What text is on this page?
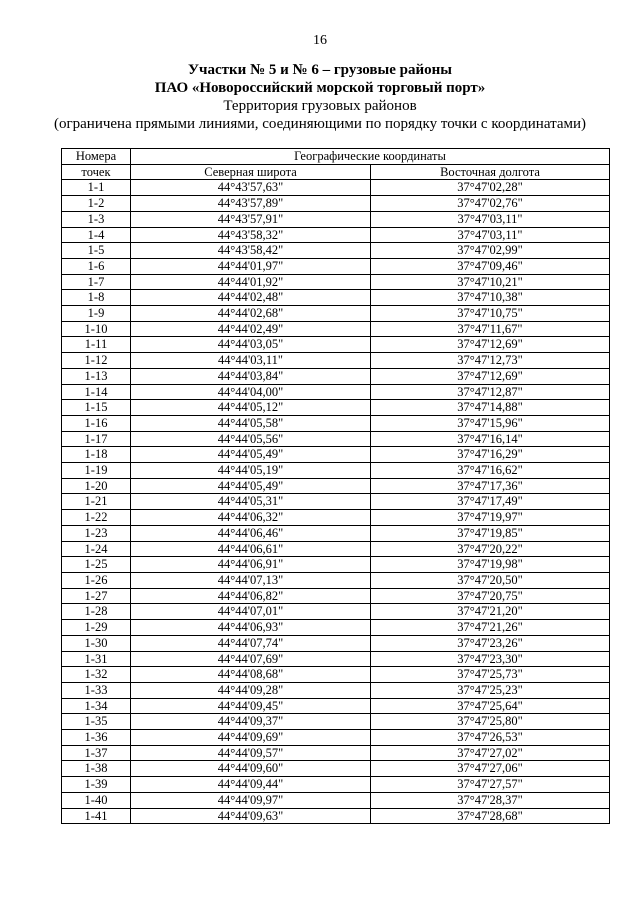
16
Участки № 5 и № 6 – грузовые районы
ПАО «Новороссийский морской торговый порт»
Территория грузовых районов
(ограничена прямыми линиями, соединяющими по порядку точки с координатами)
Номера	Географические координаты	
точек	Северная широта	Восточная долгота
1-1	44°43'57,63"	37°47'02,28"
1-2	44°43'57,89"	37°47'02,76"
1-3	44°43'57,91"	37°47'03,11"
1-4	44°43'58,32"	37°47'03,11"
1-5	44°43'58,42"	37°47'02,99"
1-6	44°44'01,97"	37°47'09,46"
1-7	44°44'01,92"	37°47'10,21"
1-8	44°44'02,48"	37°47'10,38"
1-9	44°44'02,68"	37°47'10,75"
1-10	44°44'02,49"	37°47'11,67"
1-11	44°44'03,05"	37°47'12,69"
1-12	44°44'03,11"	37°47'12,73"
1-13	44°44'03,84"	37°47'12,69"
1-14	44°44'04,00"	37°47'12,87"
1-15	44°44'05,12"	37°47'14,88"
1-16	44°44'05,58"	37°47'15,96"
1-17	44°44'05,56"	37°47'16,14"
1-18	44°44'05,49"	37°47'16,29"
1-19	44°44'05,19"	37°47'16,62"
1-20	44°44'05,49"	37°47'17,36"
1-21	44°44'05,31"	37°47'17,49"
1-22	44°44'06,32"	37°47'19,97"
1-23	44°44'06,46"	37°47'19,85"
1-24	44°44'06,61"	37°47'20,22"
1-25	44°44'06,91"	37°47'19,98"
1-26	44°44'07,13"	37°47'20,50"
1-27	44°44'06,82"	37°47'20,75"
1-28	44°44'07,01"	37°47'21,20"
1-29	44°44'06,93"	37°47'21,26"
1-30	44°44'07,74"	37°47'23,26"
1-31	44°44'07,69"	37°47'23,30"
1-32	44°44'08,68"	37°47'25,73"
1-33	44°44'09,28"	37°47'25,23"
1-34	44°44'09,45"	37°47'25,64"
1-35	44°44'09,37"	37°47'25,80"
1-36	44°44'09,69"	37°47'26,53"
1-37	44°44'09,57"	37°47'27,02"
1-38	44°44'09,60"	37°47'27,06"
1-39	44°44'09,44"	37°47'27,57"
1-40	44°44'09,97"	37°47'28,37"
1-41	44°44'09,63"	37°47'28,68"
